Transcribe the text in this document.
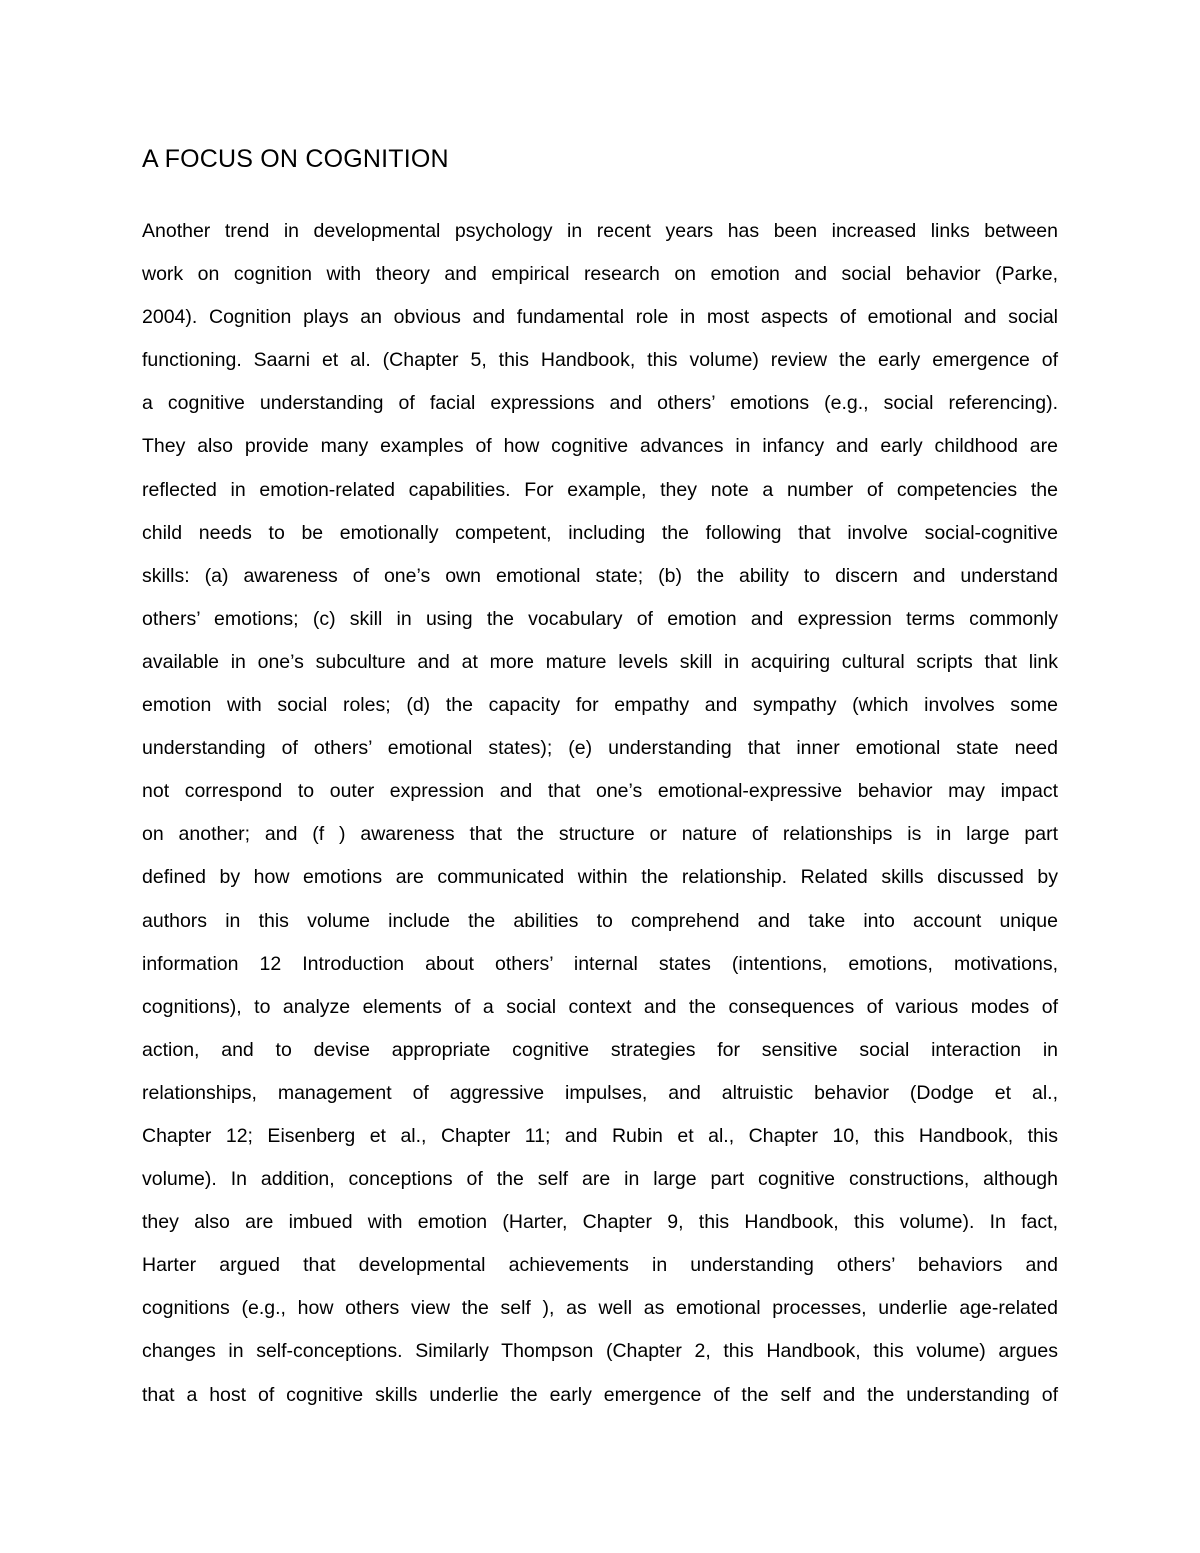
A FOCUS ON COGNITION
Another trend in developmental psychology in recent years has been increased links between
work on cognition with theory and empirical research on emotion and social behavior (Parke,
2004). Cognition plays an obvious and fundamental role in most aspects of emotional and social
functioning. Saarni et al. (Chapter 5, this Handbook, this volume) review the early emergence of
a cognitive understanding of facial expressions and others’ emotions (e.g., social referencing).
They also provide many examples of how cognitive advances in infancy and early childhood are
reflected in emotion-related capabilities. For example, they note a number of competencies the
child needs to be emotionally competent, including the following that involve social-cognitive
skills: (a) awareness of one’s own emotional state; (b) the ability to discern and understand
others’ emotions; (c) skill in using the vocabulary of emotion and expression terms commonly
available in one’s subculture and at more mature levels skill in acquiring cultural scripts that link
emotion with social roles; (d) the capacity for empathy and sympathy (which involves some
understanding of others’ emotional states); (e) understanding that inner emotional state need
not correspond to outer expression and that one’s emotional-expressive behavior may impact
on another; and (f ) awareness that the structure or nature of relationships is in large part
defined by how emotions are communicated within the relationship. Related skills discussed by
authors in this volume include the abilities to comprehend and take into account unique
information 12 Introduction about others’ internal states (intentions, emotions, motivations,
cognitions), to analyze elements of a social context and the consequences of various modes of
action, and to devise appropriate cognitive strategies for sensitive social interaction in
relationships, management of aggressive impulses, and altruistic behavior (Dodge et al.,
Chapter 12; Eisenberg et al., Chapter 11; and Rubin et al., Chapter 10, this Handbook, this
volume). In addition, conceptions of the self are in large part cognitive constructions, although
they also are imbued with emotion (Harter, Chapter 9, this Handbook, this volume). In fact,
Harter argued that developmental achievements in understanding others’ behaviors and
cognitions (e.g., how others view the self ), as well as emotional processes, underlie age-related
changes in self-conceptions. Similarly Thompson (Chapter 2, this Handbook, this volume) argues
that a host of cognitive skills underlie the early emergence of the self and the understanding of
